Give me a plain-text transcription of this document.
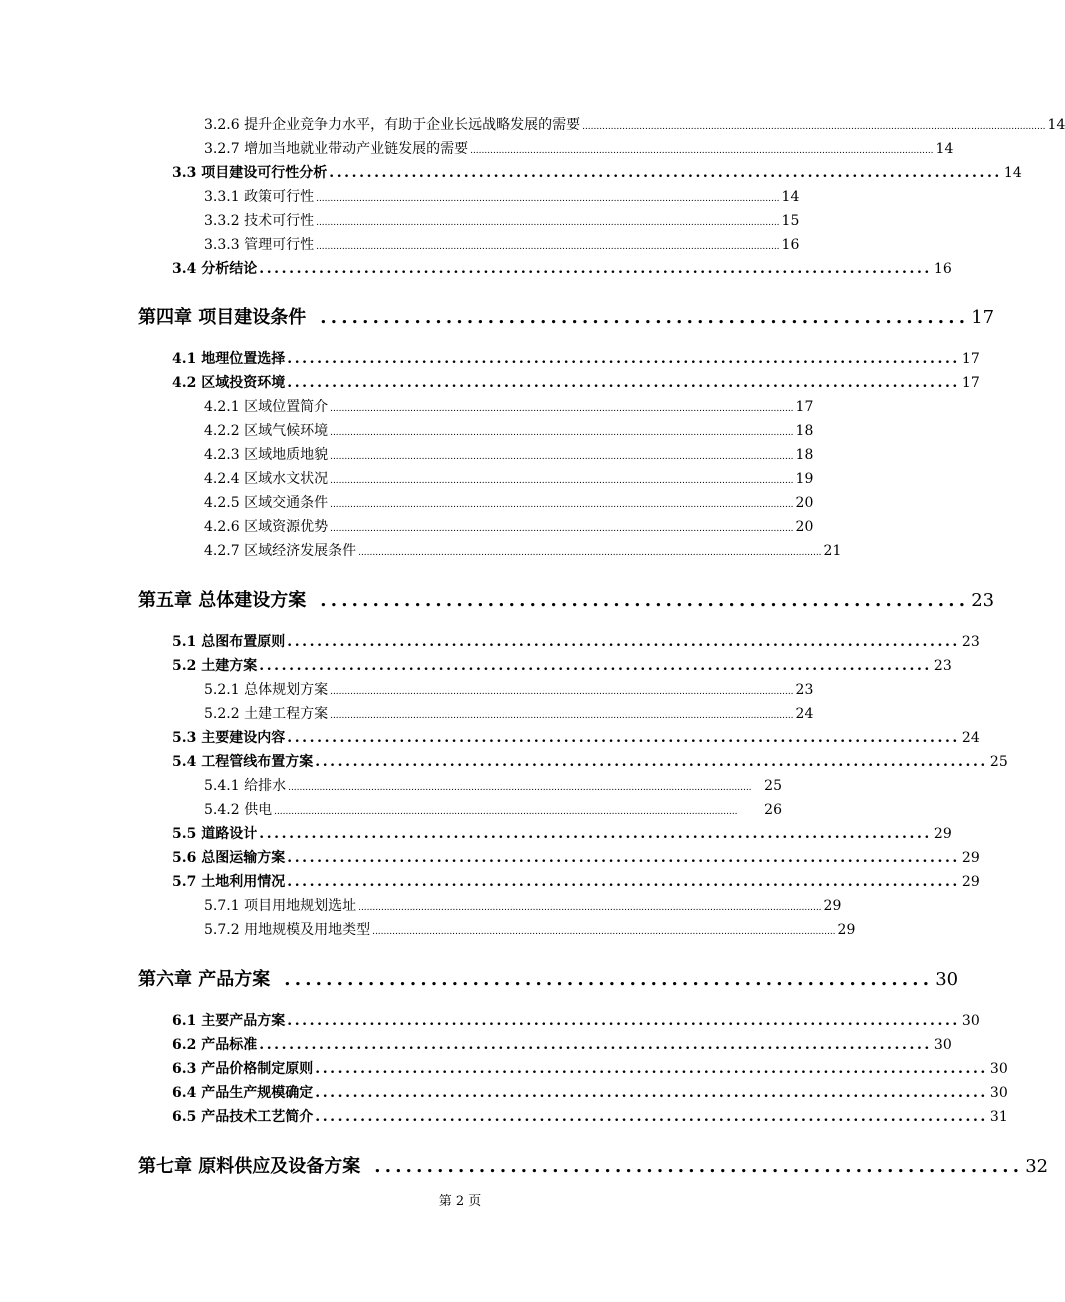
3.2.6 提升企业竞争力水平，有助于企业长远战略发展的需要 .................................................................................................................................................................. 14
3.2.7 增加当地就业带动产业链发展的需要 .................................................................................................................................................................. 14
3.3 项目建设可行性分析 .......................................................................................... 14
3.3.1 政策可行性 .................................................................................................................................................................. 14
3.3.2 技术可行性 .................................................................................................................................................................. 15
3.3.3 管理可行性 .................................................................................................................................................................. 16
3.4 分析结论 .......................................................................................... 16
第四章 项目建设条件 .............................................................. 17
4.1 地理位置选择 .......................................................................................... 17
4.2 区域投资环境 .......................................................................................... 17
4.2.1 区域位置简介 .................................................................................................................................................................. 17
4.2.2 区域气候环境 .................................................................................................................................................................. 18
4.2.3 区域地质地貌 .................................................................................................................................................................. 18
4.2.4 区域水文状况 .................................................................................................................................................................. 19
4.2.5 区域交通条件 .................................................................................................................................................................. 20
4.2.6 区域资源优势 .................................................................................................................................................................. 20
4.2.7 区域经济发展条件 .................................................................................................................................................................. 21
第五章 总体建设方案 .............................................................. 23
5.1 总图布置原则 .......................................................................................... 23
5.2 土建方案 .......................................................................................... 23
5.2.1 总体规划方案 .................................................................................................................................................................. 23
5.2.2 土建工程方案 .................................................................................................................................................................. 24
5.3 主要建设内容 .......................................................................................... 24
5.4 工程管线布置方案 .......................................................................................... 25
5.4.1 给排水 .................................................................................................................................................................. 25
5.4.2 供电 ..................................................................................................................................................................	26
5.5 道路设计 .......................................................................................... 29
5.6 总图运输方案 .......................................................................................... 29
5.7 土地利用情况 .......................................................................................... 29
5.7.1 项目用地规划选址 .................................................................................................................................................................. 29
5.7.2 用地规模及用地类型 .................................................................................................................................................................. 29
第六章 产品方案 .............................................................. 30
6.1 主要产品方案 .......................................................................................... 30
6.2 产品标准 .......................................................................................... 30
6.3 产品价格制定原则 .......................................................................................... 30
6.4 产品生产规模确定 .......................................................................................... 30
6.5 产品技术工艺简介 .......................................................................................... 31
第七章 原料供应及设备方案 .............................................................. 32
第 2 页
